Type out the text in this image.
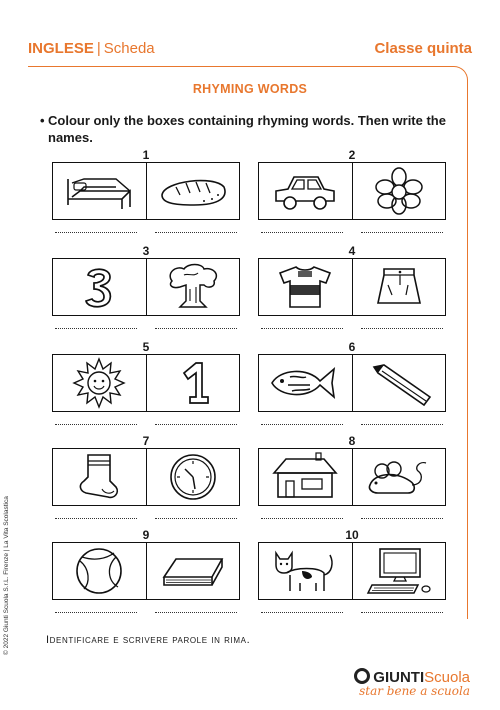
INGLESE | Scheda	Classe quinta
RHYMING WORDS
• Colour only the boxes containing rhyming words. Then write the names.
1	2
3	4
5	6
7	8
9	10
Identificare e scrivere parole in rima.
© 2022 Giunti Scuola S.r.L. Firenze | La Vita Scolastica
GIUNTIScuola
star bene a scuola
